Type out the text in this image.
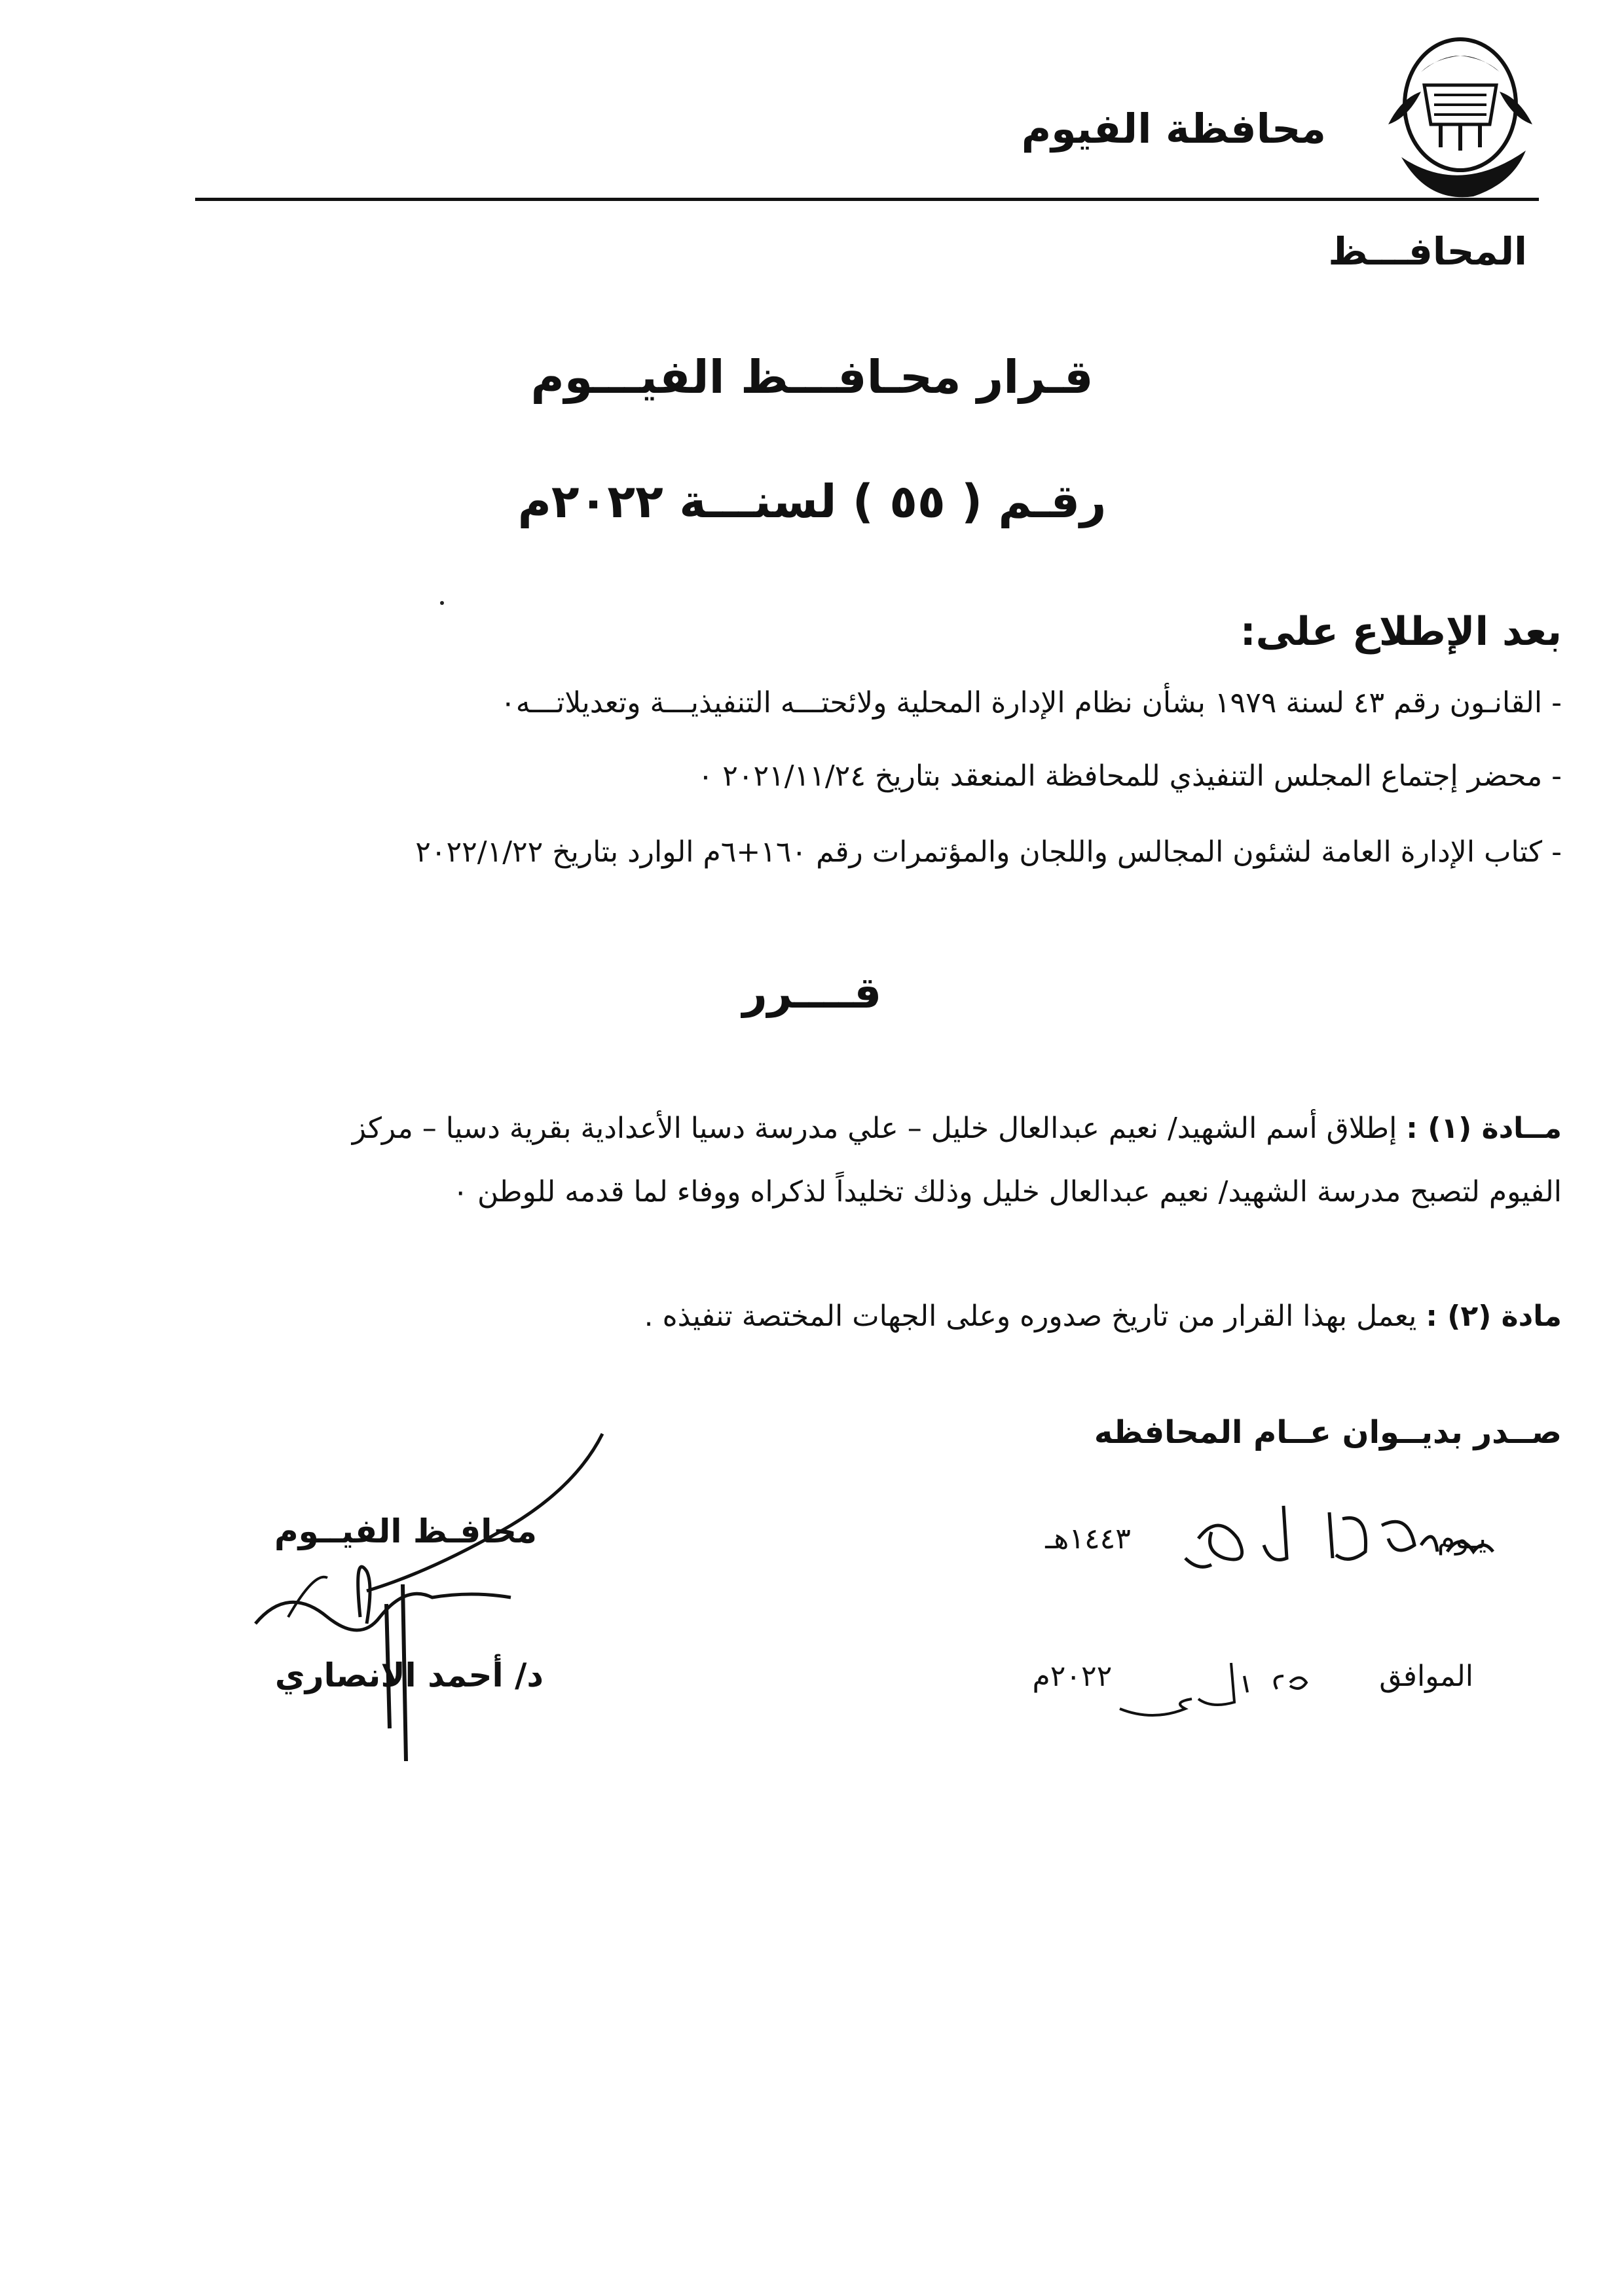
محافظة الفيوم
المحافـــظ
قـرار محـافـــظ الفيـــوم
رقـم ( ٥٥ ) لسنـــة ٢٠٢٢م
بعد الإطلاع على:
- القانـون رقم ٤٣ لسنة ١٩٧٩ بشأن نظام الإدارة المحلية ولائحتـــه التنفيذيـــة وتعديلاتـــه٠
- محضر إجتماع المجلس التنفيذي للمحافظة المنعقد بتاريخ ٢٠٢١/١١/٢٤ ٠
- كتاب الإدارة العامة لشئون المجالس واللجان والمؤتمرات رقم ١٦٠+٦م الوارد بتاريخ ٢٠٢٢/١/٢٢
قــــرر
مــادة (١) : إطلاق أسم الشهيد/ نعيم عبدالعال خليل – علي مدرسة دسيا الأعدادية بقرية دسيا – مركز
الفيوم لتصبح مدرسة الشهيد/ نعيم عبدالعال خليل وذلك تخليداً لذكراه ووفاء لما قدمه للوطن ٠
مادة (٢) : يعمل بهذا القرار من تاريخ صدوره وعلى الجهات المختصة تنفيذه .
صــدر بديــوان عــام المحافظه
يـوم  ١٤٤٣هـ
الموافق  ٢٠٢٢م
محافـظ الفيــوم
د/ أحمد الانصاري
